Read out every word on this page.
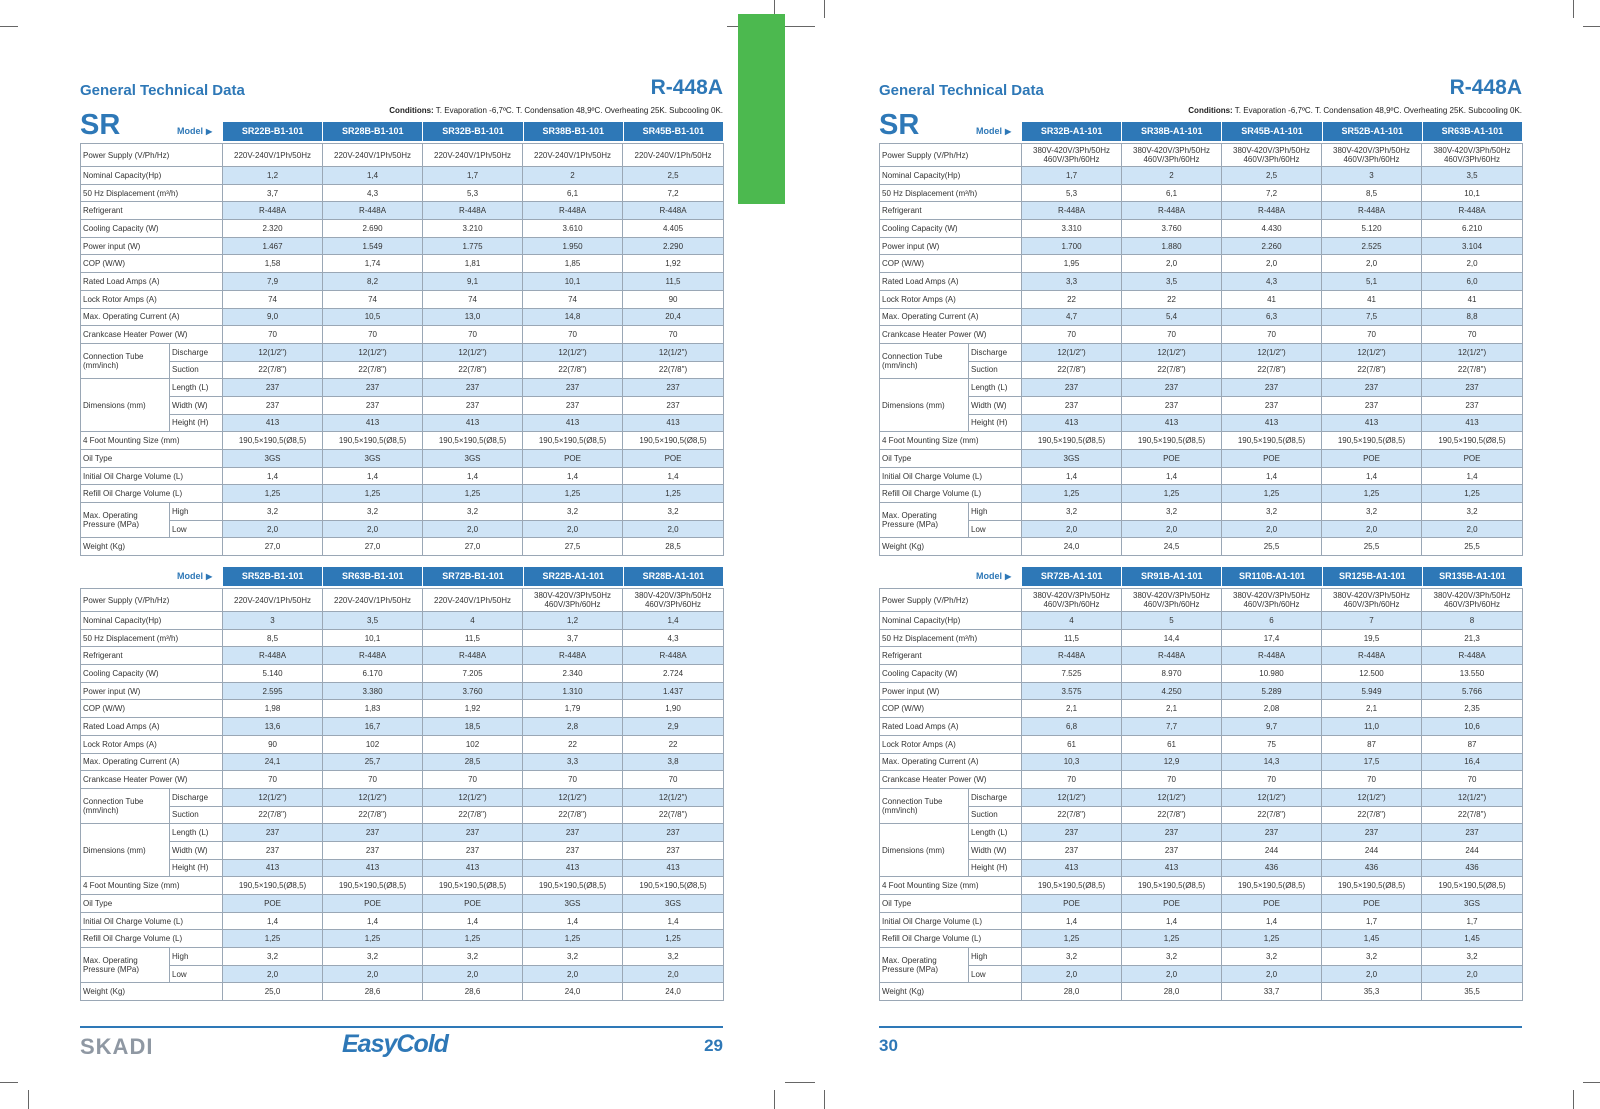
General Technical Data	R-448A
Conditions: T. Evaporation -6,7ºC. T. Condensation 48,9ºC. Overheating 25K. Subcooling 0K.
SR	Model ▶	SR22B-B1-101	SR28B-B1-101	SR32B-B1-101	SR38B-B1-101	SR45B-B1-101
Power Supply (V/Ph/Hz)		220V-240V/1Ph/50Hz	220V-240V/1Ph/50Hz	220V-240V/1Ph/50Hz	220V-240V/1Ph/50Hz	220V-240V/1Ph/50Hz
Nominal Capacity(Hp)		1,2	1,4	1,7	2	2,5
50 Hz Displacement (m³/h)		3,7	4,3	5,3	6,1	7,2
Refrigerant		R-448A	R-448A	R-448A	R-448A	R-448A
Cooling Capacity (W)		2.320	2.690	3.210	3.610	4.405
Power input (W)		1.467	1.549	1.775	1.950	2.290
COP (W/W)		1,58	1,74	1,81	1,85	1,92
Rated Load Amps (A)		7,9	8,2	9,1	10,1	11,5
Lock Rotor Amps (A)		74	74	74	74	90
Max. Operating Current (A)		9,0	10,5	13,0	14,8	20,4
Crankcase Heater Power (W)		70	70	70	70	70
Connection Tube (mm/inch)	Discharge	12(1/2")	12(1/2")	12(1/2")	12(1/2")	12(1/2")
	Suction	22(7/8")	22(7/8")	22(7/8")	22(7/8")	22(7/8")
Dimensions (mm)	Length (L)	237	237	237	237	237
	Width (W)	237	237	237	237	237
	Height (H)	413	413	413	413	413
4 Foot Mounting Size (mm)		190,5×190,5(Ø8,5)	190,5×190,5(Ø8,5)	190,5×190,5(Ø8,5)	190,5×190,5(Ø8,5)	190,5×190,5(Ø8,5)
Oil Type		3GS	3GS	3GS	POE	POE
Initial Oil Charge Volume (L)		1,4	1,4	1,4	1,4	1,4
Refill Oil Charge Volume (L)		1,25	1,25	1,25	1,25	1,25
Max. Operating Pressure (MPa)	High	3,2	3,2	3,2	3,2	3,2
	Low	2,0	2,0	2,0	2,0	2,0
Weight (Kg)		27,0	27,0	27,0	27,5	28,5
Model ▶	SR52B-B1-101	SR63B-B1-101	SR72B-B1-101	SR22B-A1-101	SR28B-A1-101
Power Supply (V/Ph/Hz)		220V-240V/1Ph/50Hz	220V-240V/1Ph/50Hz	220V-240V/1Ph/50Hz	380V-420V/3Ph/50Hz 460V/3Ph/60Hz	380V-420V/3Ph/50Hz 460V/3Ph/60Hz
Nominal Capacity(Hp)		3	3,5	4	1,2	1,4
50 Hz Displacement (m³/h)		8,5	10,1	11,5	3,7	4,3
Refrigerant		R-448A	R-448A	R-448A	R-448A	R-448A
Cooling Capacity (W)		5.140	6.170	7.205	2.340	2.724
Power input (W)		2.595	3.380	3.760	1.310	1.437
COP (W/W)		1,98	1,83	1,92	1,79	1,90
Rated Load Amps (A)		13,6	16,7	18,5	2,8	2,9
Lock Rotor Amps (A)		90	102	102	22	22
Max. Operating Current (A)		24,1	25,7	28,5	3,3	3,8
Crankcase Heater Power (W)		70	70	70	70	70
Connection Tube (mm/inch)	Discharge	12(1/2")	12(1/2")	12(1/2")	12(1/2")	12(1/2")
	Suction	22(7/8")	22(7/8")	22(7/8")	22(7/8")	22(7/8")
Dimensions (mm)	Length (L)	237	237	237	237	237
	Width (W)	237	237	237	237	237
	Height (H)	413	413	413	413	413
4 Foot Mounting Size (mm)		190,5×190,5(Ø8,5)	190,5×190,5(Ø8,5)	190,5×190,5(Ø8,5)	190,5×190,5(Ø8,5)	190,5×190,5(Ø8,5)
Oil Type		POE	POE	POE	3GS	3GS
Initial Oil Charge Volume (L)		1,4	1,4	1,4	1,4	1,4
Refill Oil Charge Volume (L)		1,25	1,25	1,25	1,25	1,25
Max. Operating Pressure (MPa)	High	3,2	3,2	3,2	3,2	3,2
	Low	2,0	2,0	2,0	2,0	2,0
Weight (Kg)		25,0	28,6	28,6	24,0	24,0
SKADI	EasyCold	29
General Technical Data	R-448A
Conditions: T. Evaporation -6,7ºC. T. Condensation 48,9ºC. Overheating 25K. Subcooling 0K.
SR	Model ▶	SR32B-A1-101	SR38B-A1-101	SR45B-A1-101	SR52B-A1-101	SR63B-A1-101
Power Supply (V/Ph/Hz)		380V-420V/3Ph/50Hz 460V/3Ph/60Hz	380V-420V/3Ph/50Hz 460V/3Ph/60Hz	380V-420V/3Ph/50Hz 460V/3Ph/60Hz	380V-420V/3Ph/50Hz 460V/3Ph/60Hz	380V-420V/3Ph/50Hz 460V/3Ph/60Hz
Nominal Capacity(Hp)		1,7	2	2,5	3	3,5
50 Hz Displacement (m³/h)		5,3	6,1	7,2	8,5	10,1
Refrigerant		R-448A	R-448A	R-448A	R-448A	R-448A
Cooling Capacity (W)		3.310	3.760	4.430	5.120	6.210
Power input (W)		1.700	1.880	2.260	2.525	3.104
COP (W/W)		1,95	2,0	2,0	2,0	2,0
Rated Load Amps (A)		3,3	3,5	4,3	5,1	6,0
Lock Rotor Amps (A)		22	22	41	41	41
Max. Operating Current (A)		4,7	5,4	6,3	7,5	8,8
Crankcase Heater Power (W)		70	70	70	70	70
Connection Tube (mm/inch)	Discharge	12(1/2")	12(1/2")	12(1/2")	12(1/2")	12(1/2")
	Suction	22(7/8")	22(7/8")	22(7/8")	22(7/8")	22(7/8")
Dimensions (mm)	Length (L)	237	237	237	237	237
	Width (W)	237	237	237	237	237
	Height (H)	413	413	413	413	413
4 Foot Mounting Size (mm)		190,5×190,5(Ø8,5)	190,5×190,5(Ø8,5)	190,5×190,5(Ø8,5)	190,5×190,5(Ø8,5)	190,5×190,5(Ø8,5)
Oil Type		3GS	POE	POE	POE	POE
Initial Oil Charge Volume (L)		1,4	1,4	1,4	1,4	1,4
Refill Oil Charge Volume (L)		1,25	1,25	1,25	1,25	1,25
Max. Operating Pressure (MPa)	High	3,2	3,2	3,2	3,2	3,2
	Low	2,0	2,0	2,0	2,0	2,0
Weight (Kg)		24,0	24,5	25,5	25,5	25,5
Model ▶	SR72B-A1-101	SR91B-A1-101	SR110B-A1-101	SR125B-A1-101	SR135B-A1-101
Power Supply (V/Ph/Hz)		380V-420V/3Ph/50Hz 460V/3Ph/60Hz	380V-420V/3Ph/50Hz 460V/3Ph/60Hz	380V-420V/3Ph/50Hz 460V/3Ph/60Hz	380V-420V/3Ph/50Hz 460V/3Ph/60Hz	380V-420V/3Ph/50Hz 460V/3Ph/60Hz
Nominal Capacity(Hp)		4	5	6	7	8
50 Hz Displacement (m³/h)		11,5	14,4	17,4	19,5	21,3
Refrigerant		R-448A	R-448A	R-448A	R-448A	R-448A
Cooling Capacity (W)		7.525	8.970	10.980	12.500	13.550
Power input (W)		3.575	4.250	5.289	5.949	5.766
COP (W/W)		2,1	2,1	2,08	2,1	2,35
Rated Load Amps (A)		6,8	7,7	9,7	11,0	10,6
Lock Rotor Amps (A)		61	61	75	87	87
Max. Operating Current (A)		10,3	12,9	14,3	17,5	16,4
Crankcase Heater Power (W)		70	70	70	70	70
Connection Tube (mm/inch)	Discharge	12(1/2")	12(1/2")	12(1/2")	12(1/2")	12(1/2")
	Suction	22(7/8")	22(7/8")	22(7/8")	22(7/8")	22(7/8")
Dimensions (mm)	Length (L)	237	237	237	237	237
	Width (W)	237	237	244	244	244
	Height (H)	413	413	436	436	436
4 Foot Mounting Size (mm)		190,5×190,5(Ø8,5)	190,5×190,5(Ø8,5)	190,5×190,5(Ø8,5)	190,5×190,5(Ø8,5)	190,5×190,5(Ø8,5)
Oil Type		POE	POE	POE	POE	3GS
Initial Oil Charge Volume (L)		1,4	1,4	1,4	1,7	1,7
Refill Oil Charge Volume (L)		1,25	1,25	1,25	1,45	1,45
Max. Operating Pressure (MPa)	High	3,2	3,2	3,2	3,2	3,2
	Low	2,0	2,0	2,0	2,0	2,0
Weight (Kg)		28,0	28,0	33,7	35,3	35,5
30
